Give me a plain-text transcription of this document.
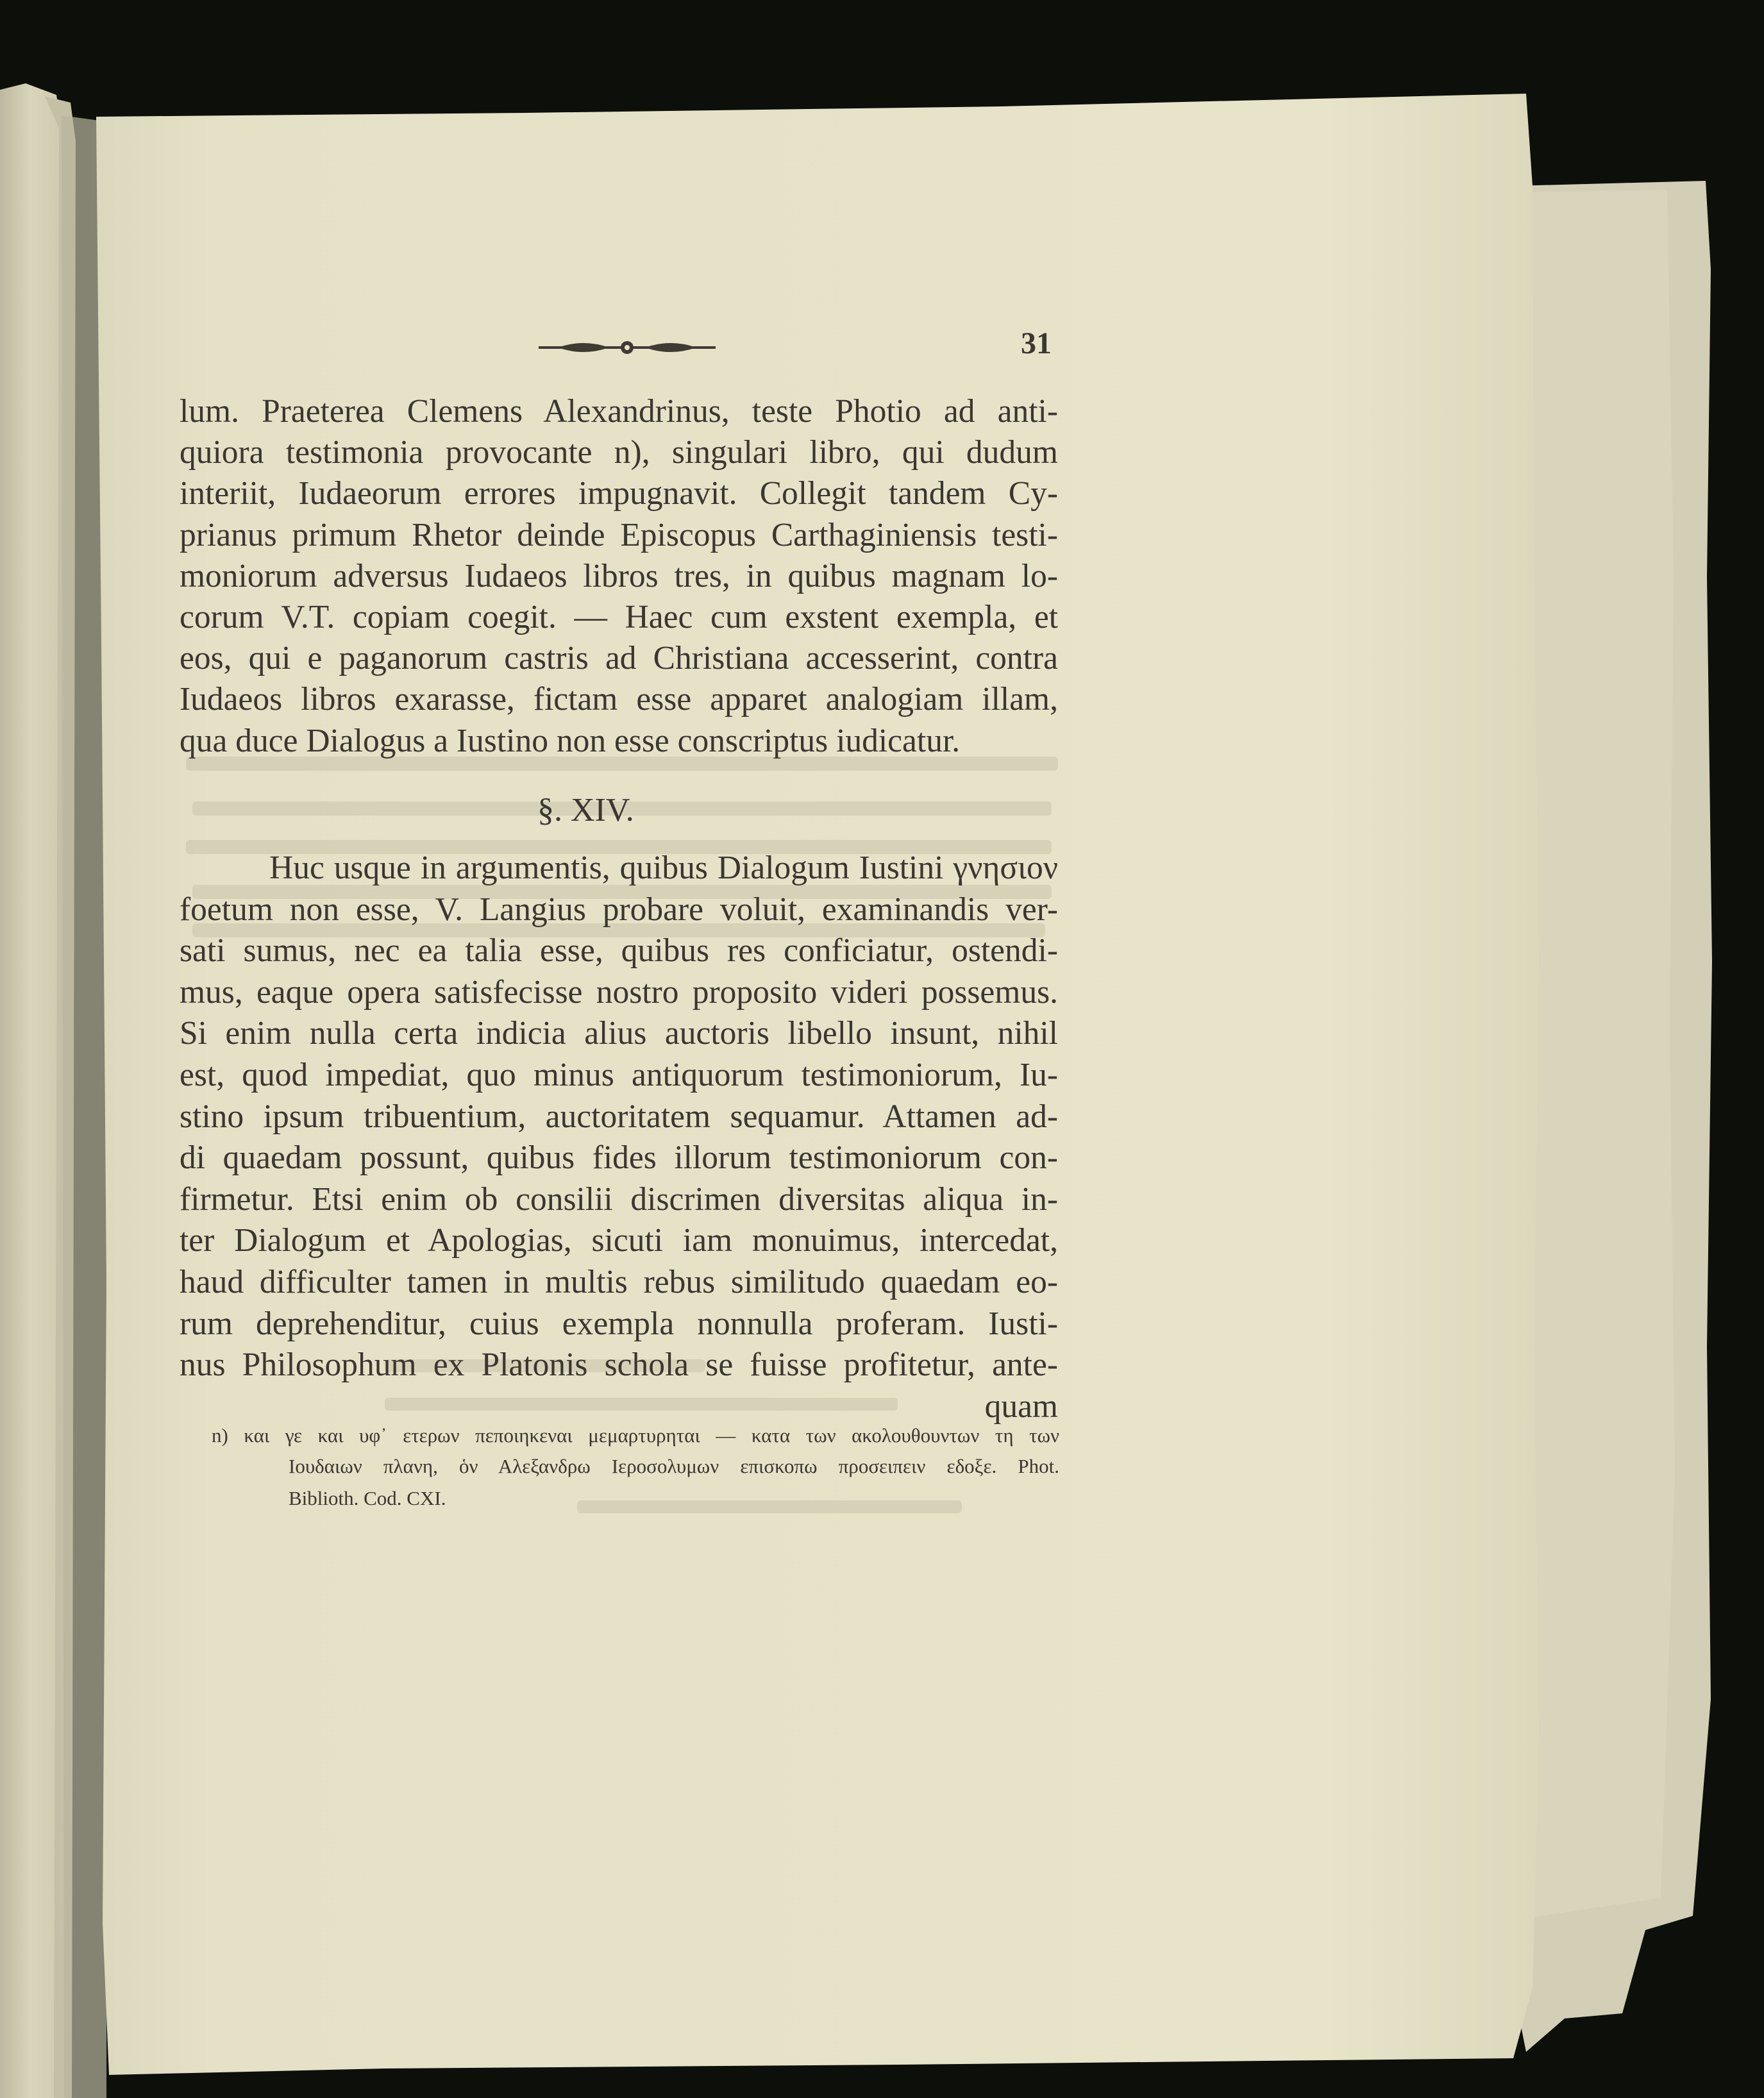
31
lum. Praeterea Clemens Alexandrinus, teste Photio ad anti-
quiora testimonia provocante n), singulari libro, qui dudum
interiit, Iudaeorum errores impugnavit. Collegit tandem Cy-
prianus primum Rhetor deinde Episcopus Carthaginiensis testi-
moniorum adversus Iudaeos libros tres, in quibus magnam lo-
corum V.T. copiam coegit. — Haec cum exstent exempla, et
eos, qui e paganorum castris ad Christiana accesserint, contra
Iudaeos libros exarasse, fictam esse apparet analogiam illam,
qua duce Dialogus a Iustino non esse conscriptus iudicatur.
Huc usque in argumentis, quibus Dialogum Iustini γνησιον
foetum non esse, V. Langius probare voluit, examinandis ver-
sati sumus, nec ea talia esse, quibus res conficiatur, ostendi-
mus, eaque opera satisfecisse nostro proposito videri possemus.
Si enim nulla certa indicia alius auctoris libello insunt, nihil
est, quod impediat, quo minus antiquorum testimoniorum, Iu-
stino ipsum tribuentium, auctoritatem sequamur. Attamen ad-
di quaedam possunt, quibus fides illorum testimoniorum con-
firmetur. Etsi enim ob consilii discrimen diversitas aliqua in-
ter Dialogum et Apologias, sicuti iam monuimus, intercedat,
haud difficulter tamen in multis rebus similitudo quaedam eo-
rum deprehenditur, cuius exempla nonnulla proferam. Iusti-
nus Philosophum ex Platonis schola se fuisse profitetur, ante-
quam
§. XIV.
n) και γε και υφ᾽ ετερων πεποιηκεναι μεμαρτυρηται — κατα των ακολουθουντων τη των
Ιουδαιων πλανη, ὁν Αλεξανδρω Ιεροσολυμων επισκοπω προσειπειν εδοξε. Phot.
Biblioth. Cod. CXI.
